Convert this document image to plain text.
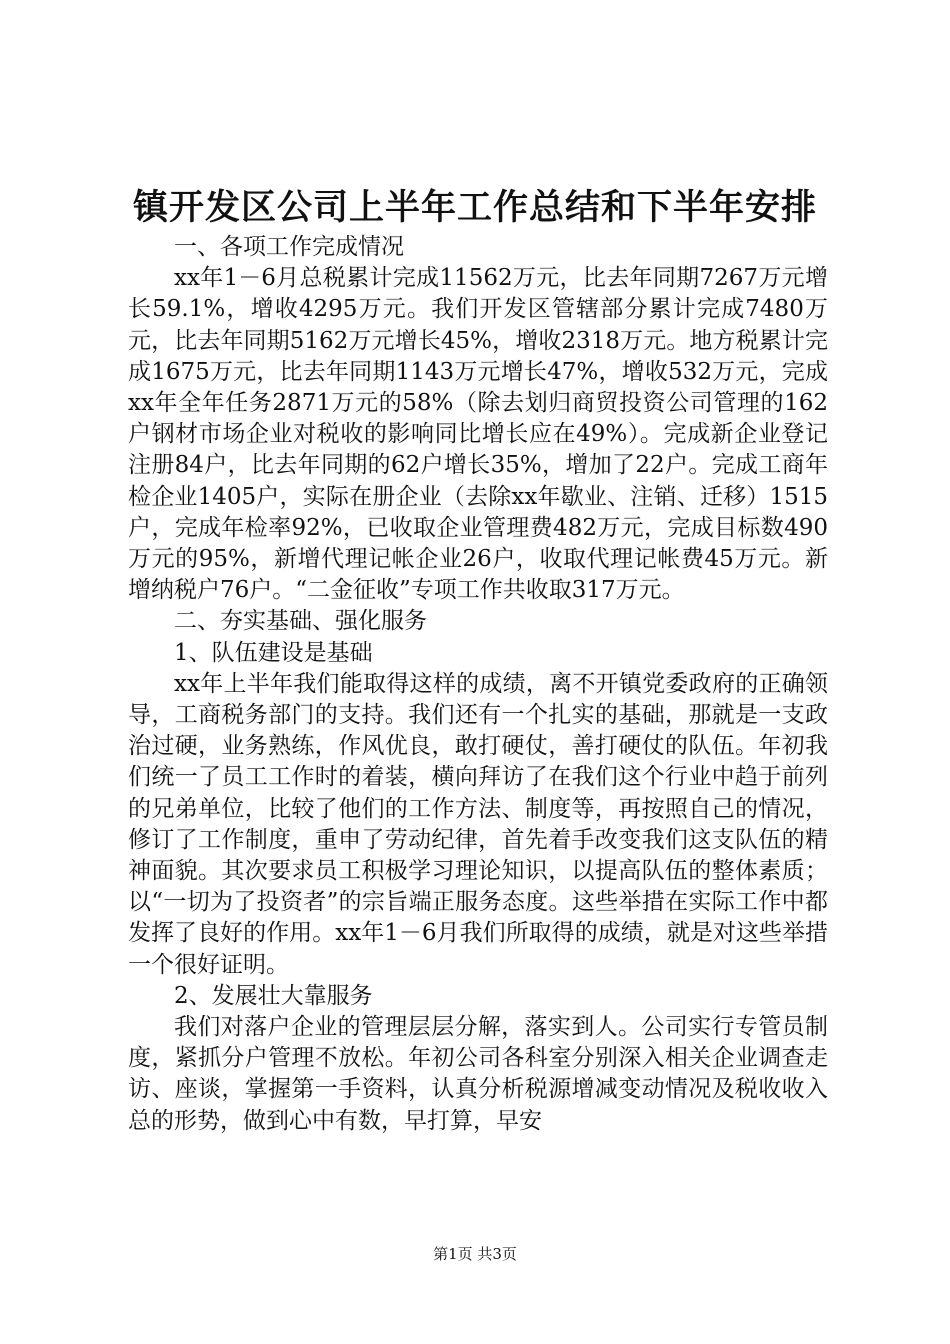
镇开发区公司上半年工作总结和下半年安排

一、各项工作完成情况

xx年1－6月总税累计完成11562万元，比去年同期7267万元增长59.1%，增收4295万元。我们开发区管辖部分累计完成7480万元，比去年同期5162万元增长45%，增收2318万元。地方税累计完成1675万元，比去年同期1143万元增长47%，增收532万元，完成xx年全年任务2871万元的58%（除去划归商贸投资公司管理的162户钢材市场企业对税收的影响同比增长应在49%）。完成新企业登记注册84户，比去年同期的62户增长35%，增加了22户。完成工商年检企业1405户，实际在册企业（去除xx年歇业、注销、迁移）1515户，完成年检率92%，已收取企业管理费482万元，完成目标数490万元的95%，新增代理记帐企业26户，收取代理记帐费45万元。新增纳税户76户。“二金征收”专项工作共收取317万元。

二、夯实基础、强化服务

1、队伍建设是基础

xx年上半年我们能取得这样的成绩，离不开镇党委政府的正确领导，工商税务部门的支持。我们还有一个扎实的基础，那就是一支政治过硬，业务熟练，作风优良，敢打硬仗，善打硬仗的队伍。年初我们统一了员工工作时的着装，横向拜访了在我们这个行业中趋于前列的兄弟单位，比较了他们的工作方法、制度等，再按照自己的情况，修订了工作制度，重申了劳动纪律，首先着手改变我们这支队伍的精神面貌。其次要求员工积极学习理论知识，以提高队伍的整体素质；以“一切为了投资者”的宗旨端正服务态度。这些举措在实际工作中都发挥了良好的作用。xx年1－6月我们所取得的成绩，就是对这些举措一个很好证明。

2、发展壮大靠服务

我们对落户企业的管理层层分解，落实到人。公司实行专管员制度，紧抓分户管理不放松。年初公司各科室分别深入相关企业调查走访、座谈，掌握第一手资料，认真分析税源增减变动情况及税收收入总的形势，做到心中有数，早打算，早安

第1页 共3页
